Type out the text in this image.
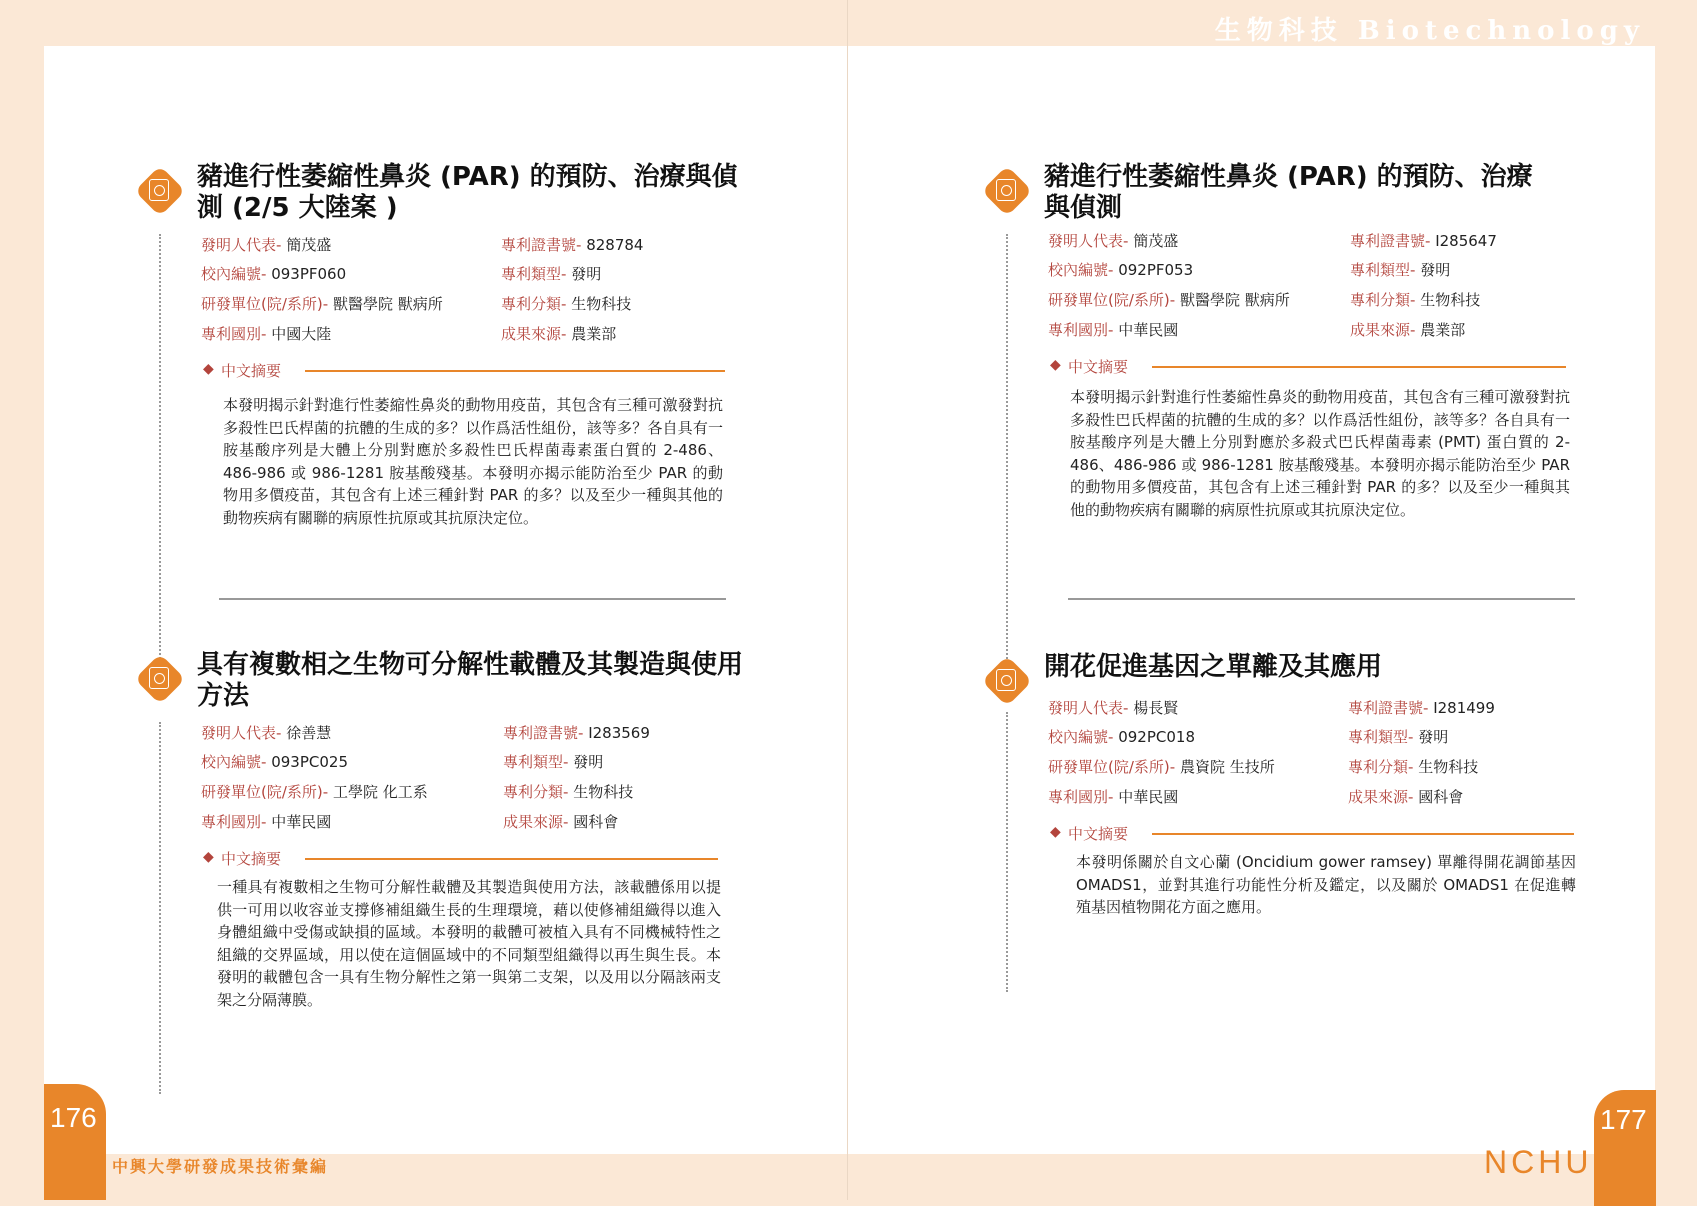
生物科技 Biotechnology
豬進行性萎縮性鼻炎 (PAR) 的預防、治療與偵測 (2/5 大陸案 )
發明人代表- 簡茂盛
校內編號- 093PF060
研發單位(院/系所)- 獸醫學院 獸病所
專利國別- 中國大陸
專利證書號- 828784
專利類型- 發明
專利分類- 生物科技
成果來源- 農業部
◆ 中文摘要

本發明揭示針對進行性萎縮性鼻炎的動物用疫苗，其包含有三種可激發對抗多殺性巴氏桿菌的抗體的生成的多？以作爲活性組份，該等多？各自具有一胺基酸序列是大體上分別對應於多殺性巴氏桿菌毒素蛋白質的 2-486、486-986 或 986-1281 胺基酸殘基。本發明亦揭示能防治至少 PAR 的動物用多價疫苗，其包含有上述三種針對 PAR 的多？以及至少一種與其他的動物疾病有關聯的病原性抗原或其抗原決定位。

豬進行性萎縮性鼻炎 (PAR) 的預防、治療與偵測
發明人代表- 簡茂盛
校內編號- 092PF053
研發單位(院/系所)- 獸醫學院 獸病所
專利國別- 中華民國
專利證書號- I285647
專利類型- 發明
專利分類- 生物科技
成果來源- 農業部
◆ 中文摘要

本發明揭示針對進行性萎縮性鼻炎的動物用疫苗，其包含有三種可激發對抗多殺性巴氏桿菌的抗體的生成的多？以作爲活性組份，該等多？各自具有一胺基酸序列是大體上分別對應於多殺式巴氏桿菌毒素 (PMT) 蛋白質的 2-486、486-986 或 986-1281 胺基酸殘基。本發明亦揭示能防治至少 PAR 的動物用多價疫苗，其包含有上述三種針對 PAR 的多？以及至少一種與其他的動物疾病有關聯的病原性抗原或其抗原決定位。

具有複數相之生物可分解性載體及其製造與使用方法
發明人代表- 徐善慧
校內編號- 093PC025
研發單位(院/系所)- 工學院 化工系
專利國別- 中華民國
專利證書號- I283569
專利類型- 發明
專利分類- 生物科技
成果來源- 國科會
◆ 中文摘要

一種具有複數相之生物可分解性載體及其製造與使用方法，該載體係用以提供一可用以收容並支撐修補組織生長的生理環境，藉以使修補組織得以進入身體組織中受傷或缺損的區域。本發明的載體可被植入具有不同機械特性之組織的交界區域，用以使在這個區域中的不同類型組織得以再生與生長。本發明的載體包含一具有生物分解性之第一與第二支架，以及用以分隔該兩支架之分隔薄膜。

開花促進基因之單離及其應用
發明人代表- 楊長賢
校內編號- 092PC018
研發單位(院/系所)- 農資院 生技所
專利國別- 中華民國
專利證書號- I281499
專利類型- 發明
專利分類- 生物科技
成果來源- 國科會
◆ 中文摘要

本發明係關於自文心蘭 (Oncidium gower ramsey) 單離得開花調節基因 OMADS1，並對其進行功能性分析及鑑定，以及關於 OMADS1 在促進轉殖基因植物開花方面之應用。

176	177
中興大學研發成果技術彙編	NCHU
